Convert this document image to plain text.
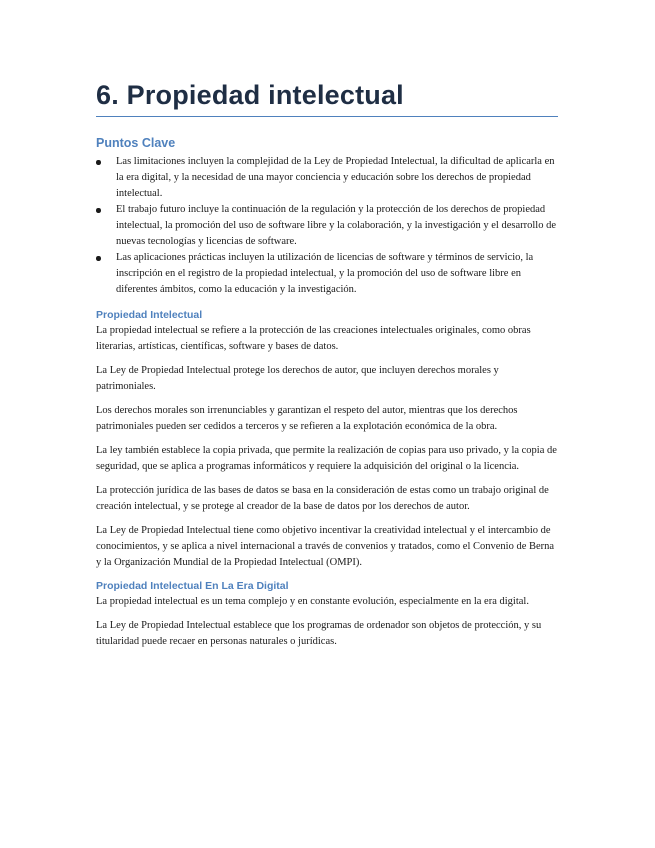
6. Propiedad intelectual
Puntos Clave
Las limitaciones incluyen la complejidad de la Ley de Propiedad Intelectual, la dificultad de aplicarla en la era digital, y la necesidad de una mayor conciencia y educación sobre los derechos de propiedad intelectual.
El trabajo futuro incluye la continuación de la regulación y la protección de los derechos de propiedad intelectual, la promoción del uso de software libre y la colaboración, y la investigación y el desarrollo de nuevas tecnologías y licencias de software.
Las aplicaciones prácticas incluyen la utilización de licencias de software y términos de servicio, la inscripción en el registro de la propiedad intelectual, y la promoción del uso de software libre en diferentes ámbitos, como la educación y la investigación.
Propiedad Intelectual

La propiedad intelectual se refiere a la protección de las creaciones intelectuales originales, como obras literarias, artísticas, científicas, software y bases de datos.

La Ley de Propiedad Intelectual protege los derechos de autor, que incluyen derechos morales y patrimoniales.

Los derechos morales son irrenunciables y garantizan el respeto del autor, mientras que los derechos patrimoniales pueden ser cedidos a terceros y se refieren a la explotación económica de la obra.

La ley también establece la copia privada, que permite la realización de copias para uso privado, y la copia de seguridad, que se aplica a programas informáticos y requiere la adquisición del original o la licencia.

La protección jurídica de las bases de datos se basa en la consideración de estas como un trabajo original de creación intelectual, y se protege al creador de la base de datos por los derechos de autor.

La Ley de Propiedad Intelectual tiene como objetivo incentivar la creatividad intelectual y el intercambio de conocimientos, y se aplica a nivel internacional a través de convenios y tratados, como el Convenio de Berna y la Organización Mundial de la Propiedad Intelectual (OMPI).

Propiedad Intelectual En La Era Digital

La propiedad intelectual es un tema complejo y en constante evolución, especialmente en la era digital.

La Ley de Propiedad Intelectual establece que los programas de ordenador son objetos de protección, y su titularidad puede recaer en personas naturales o jurídicas.
